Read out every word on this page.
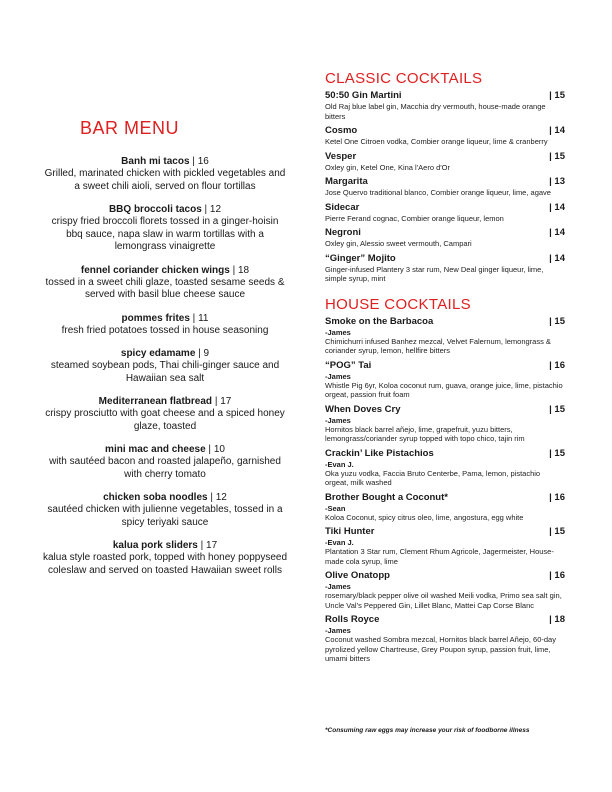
BAR MENU
Banh mi tacos | 16
Grilled, marinated chicken with pickled vegetables and a sweet chili aioli, served on flour tortillas
BBQ broccoli tacos | 12
crispy fried broccoli florets tossed in a ginger-hoisin bbq sauce, napa slaw in warm tortillas with a lemongrass vinaigrette
fennel coriander chicken wings | 18
tossed in a sweet chili glaze, toasted sesame seeds & served with basil blue cheese sauce
pommes frites | 11
fresh fried potatoes tossed in house seasoning
spicy edamame | 9
steamed soybean pods, Thai chili-ginger sauce and Hawaiian sea salt
Mediterranean flatbread | 17
crispy prosciutto with goat cheese and a spiced honey glaze, toasted
mini mac and cheese | 10
with sautéed bacon and roasted jalapeño, garnished with cherry tomato
chicken soba noodles | 12
sautéed chicken with julienne vegetables, tossed in a spicy teriyaki sauce
kalua pork sliders | 17
kalua style roasted pork, topped with honey poppyseed coleslaw and served on toasted Hawaiian sweet rolls
CLASSIC COCKTAILS
50:50 Gin Martini	| 15
Old Raj blue label gin, Macchia dry vermouth, house-made orange bitters
Cosmo	| 14
Ketel One Citroen vodka, Combier orange liqueur, lime & cranberry
Vesper	| 15
Oxley gin, Ketel One, Kina l'Aero d'Or
Margarita	| 13
Jose Quervo traditional blanco, Combier orange liqueur, lime, agave
Sidecar	| 14
Pierre Ferand cognac, Combier orange liqueur, lemon
Negroni	| 14
Oxley gin, Alessio sweet vermouth, Campari
“Ginger” Mojito	| 14
Ginger-infused Plantery 3 star rum, New Deal ginger liqueur, lime, simple syrup, mint
HOUSE COCKTAILS
Smoke on the Barbacoa	| 15
-James
Chimichurri infused Banhez mezcal, Velvet Falernum, lemongrass & coriander syrup, lemon, hellfire bitters
“POG” Tai	| 16
-James
Whistle Pig 6yr, Koloa coconut rum, guava, orange juice, lime, pistachio orgeat, passion fruit foam
When Doves Cry	| 15
-James
Hornitos black barrel añejo, lime, grapefruit, yuzu bitters, lemongrass/coriander syrup topped with topo chico, tajin rim
Crackin’ Like Pistachios	| 15
-Evan J.
Oka yuzu vodka, Faccia Bruto Centerbe, Pama, lemon, pistachio orgeat, milk washed
Brother Bought a Coconut*	| 16
-Sean
Koloa Coconut, spicy citrus oleo, lime, angostura, egg white
Tiki Hunter	| 15
-Evan J.
Plantation 3 Star rum, Clement Rhum Agricole, Jagermeister, House-made cola syrup, lime
Olive Onatopp	| 16
-James
rosemary/black pepper olive oil washed Meili vodka, Primo sea salt gin, Uncle Val’s Peppered Gin, Lillet Blanc, Mattei Cap Corse Blanc
Rolls Royce	| 18
-James
Coconut washed Sombra mezcal, Hornitos black barrel Añejo, 60-day pyrolized yellow Chartreuse, Grey Poupon syrup, passion fruit, lime, umami bitters
*Consuming raw eggs may increase your risk of foodborne illness
